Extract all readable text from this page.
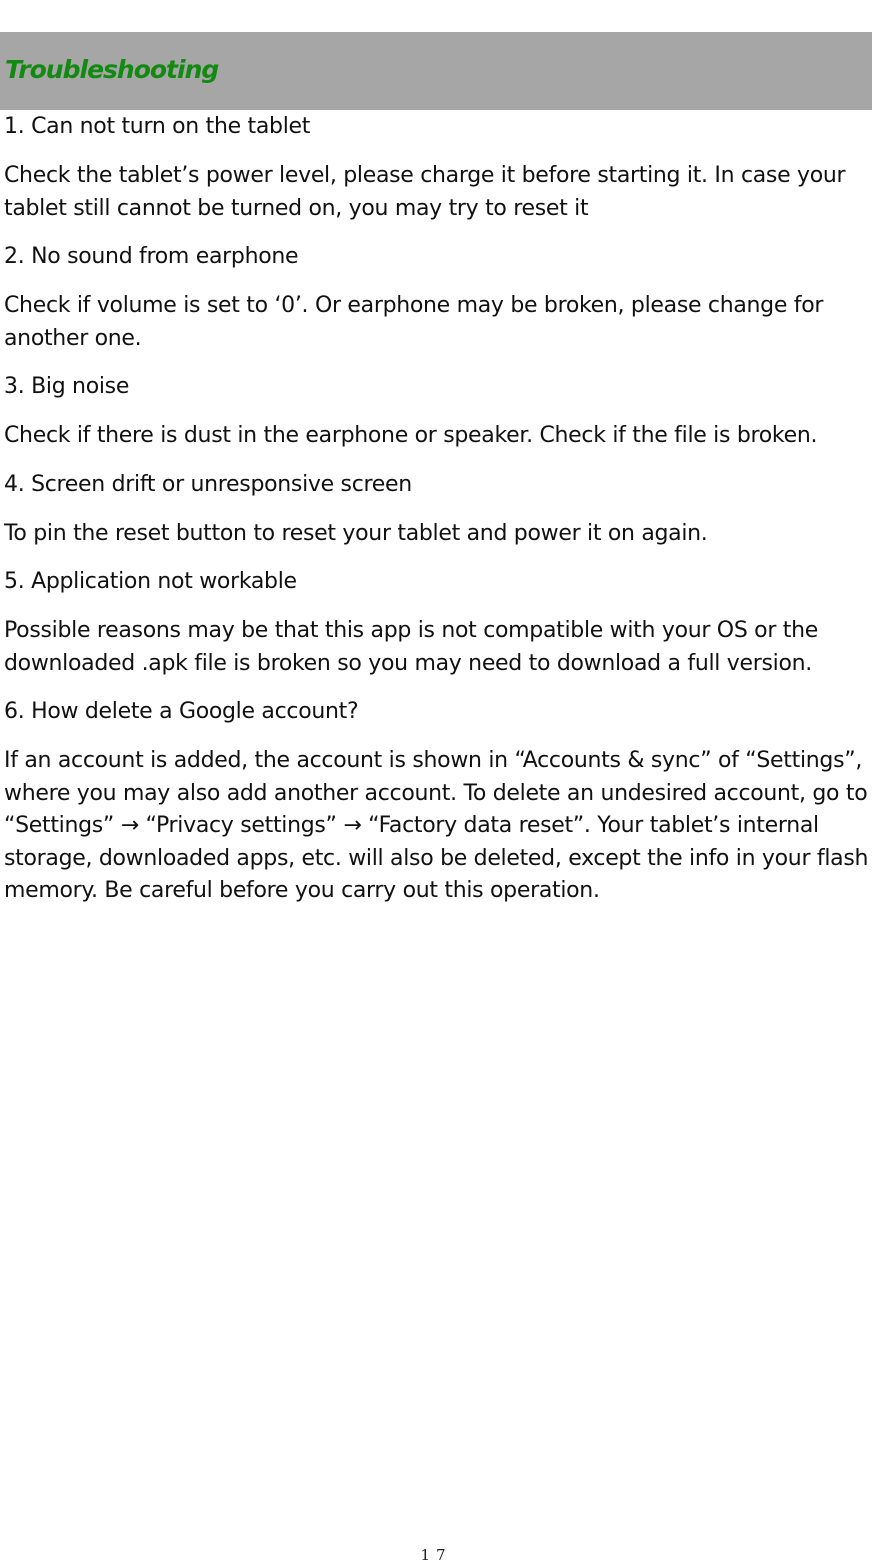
Troubleshooting
1. Can not turn on the tablet
Check the tablet’s power level, please charge it before starting it. In case your tablet still cannot be turned on, you may try to reset it
2. No sound from earphone
Check if volume is set to ‘0’. Or earphone may be broken, please change for another one.
3. Big noise
Check if there is dust in the earphone or speaker. Check if the file is broken.
4. Screen drift or unresponsive screen
To pin the reset button to reset your tablet and power it on again.
5. Application not workable
Possible reasons may be that this app is not compatible with your OS or the downloaded .apk file is broken so you may need to download a full version.
6. How delete a Google account?
If an account is added, the account is shown in “Accounts & sync” of “Settings”, where you may also add another account. To delete an undesired account, go to “Settings” → “Privacy settings” → “Factory data reset”. Your tablet’s internal storage, downloaded apps, etc. will also be deleted, except the info in your flash memory. Be careful before you carry out this operation.
17
